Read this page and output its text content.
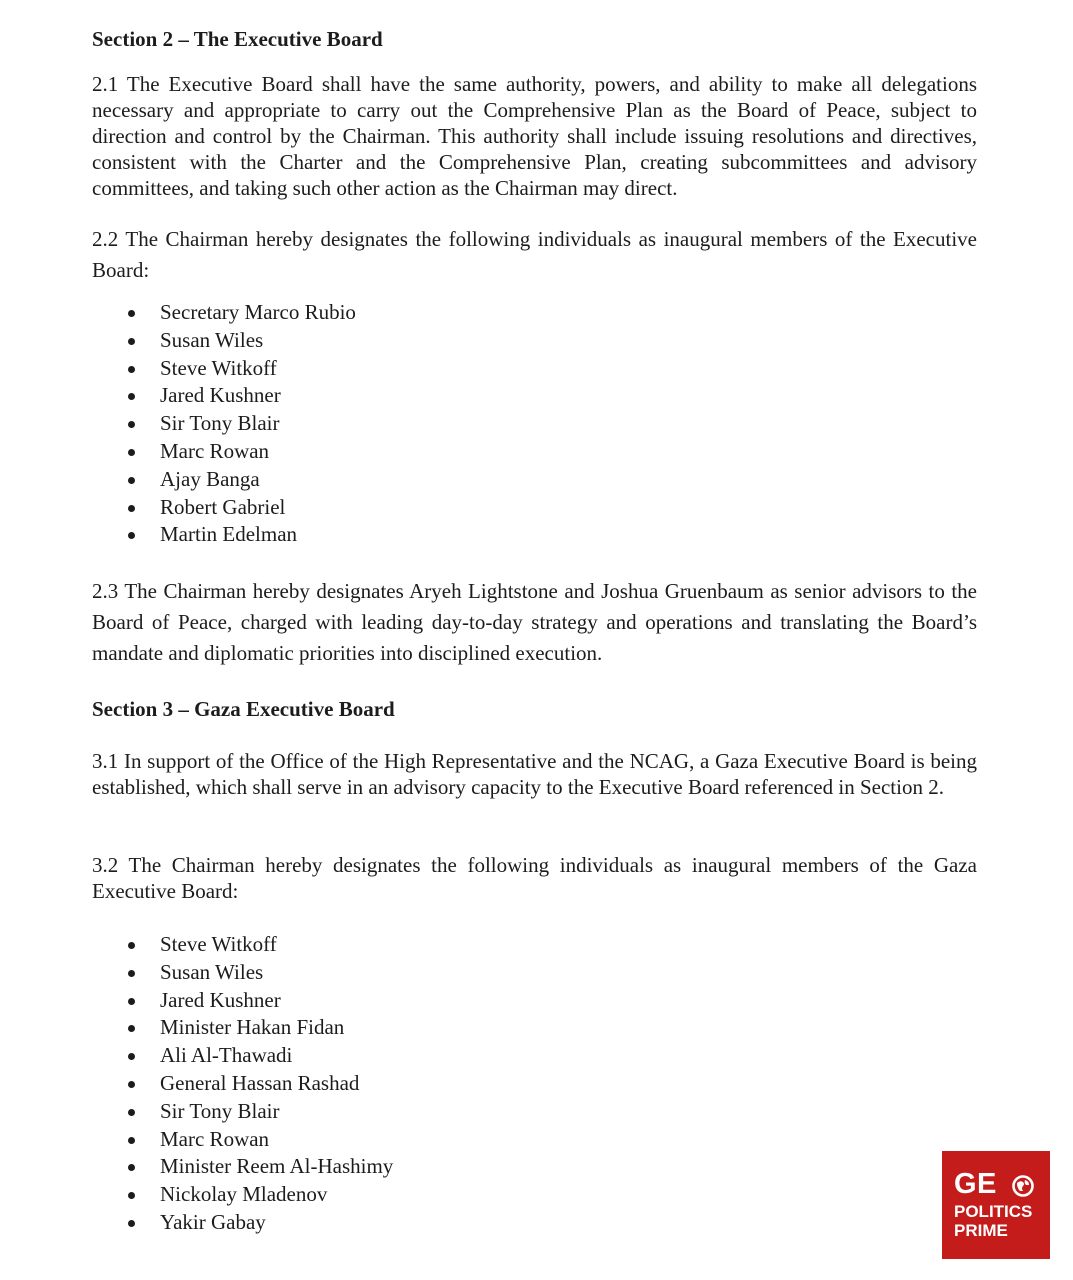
Section 2 – The Executive Board
2.1 The Executive Board shall have the same authority, powers, and ability to make all delegations necessary and appropriate to carry out the Comprehensive Plan as the Board of Peace, subject to direction and control by the Chairman. This authority shall include issuing resolutions and directives, consistent with the Charter and the Comprehensive Plan, creating subcommittees and advisory committees, and taking such other action as the Chairman may direct.
2.2 The Chairman hereby designates the following individuals as inaugural members of the Executive Board:
Secretary Marco Rubio
Susan Wiles
Steve Witkoff
Jared Kushner
Sir Tony Blair
Marc Rowan
Ajay Banga
Robert Gabriel
Martin Edelman
2.3 The Chairman hereby designates Aryeh Lightstone and Joshua Gruenbaum as senior advisors to the Board of Peace, charged with leading day-to-day strategy and operations and translating the Board’s mandate and diplomatic priorities into disciplined execution.
Section 3 – Gaza Executive Board
3.1 In support of the Office of the High Representative and the NCAG, a Gaza Executive Board is being established, which shall serve in an advisory capacity to the Executive Board referenced in Section 2.
3.2 The Chairman hereby designates the following individuals as inaugural members of the Gaza Executive Board:
Steve Witkoff
Susan Wiles
Jared Kushner
Minister Hakan Fidan
Ali Al-Thawadi
General Hassan Rashad
Sir Tony Blair
Marc Rowan
Minister Reem Al-Hashimy
Nickolay Mladenov
Yakir Gabay
GE
POLITICS
PRIME
